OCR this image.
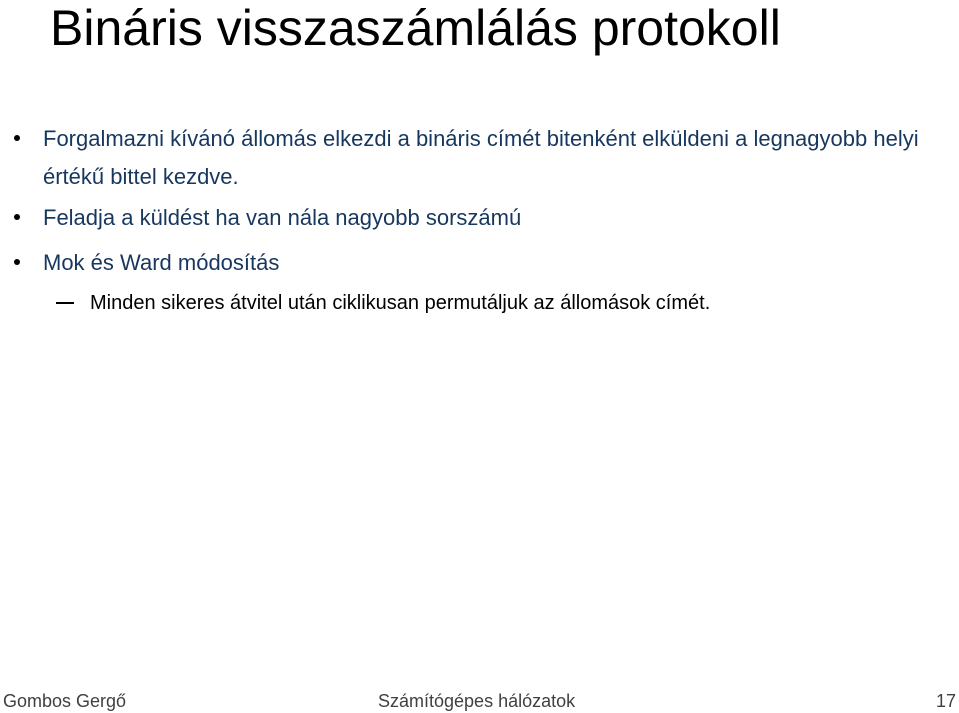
Bináris visszaszámlálás protokoll
Forgalmazni kívánó állomás elkezdi a bináris címét bitenként elküldeni a legnagyobb helyi értékű bittel kezdve.
Feladja a küldést ha van nála nagyobb sorszámú
Mok és Ward módosítás
Minden sikeres átvitel után ciklikusan permutáljuk az állomások címét.
Gombos Gergő	Számítógépes hálózatok	17
